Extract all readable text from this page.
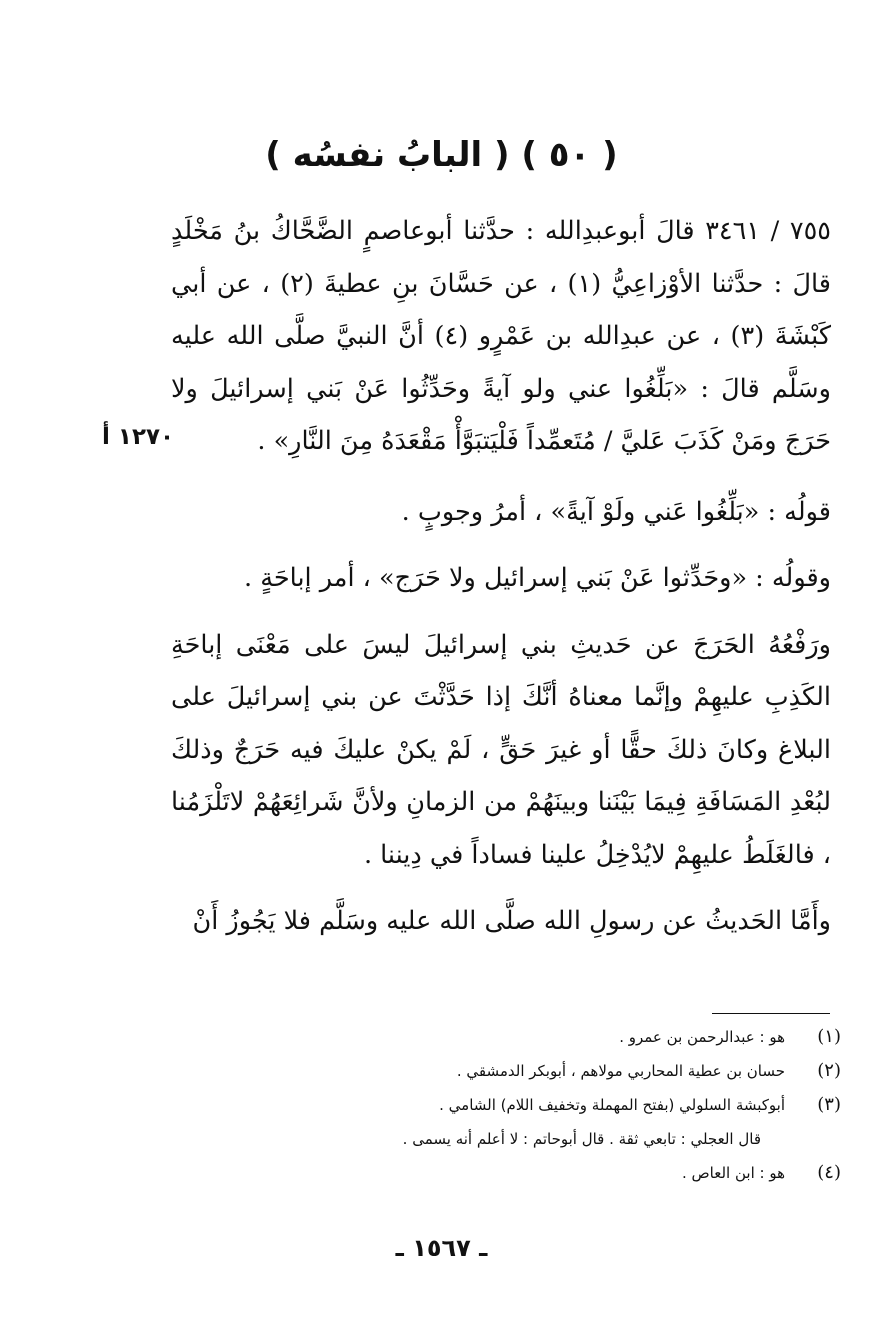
( ٥٠ ) ( البابُ نفسُه )

٧٥٥ / ٣٤٦١ قالَ أبوعبدِالله : حدَّثنا أبوعاصمٍ الضَّحَّاكُ بنُ مَخْلَدٍ قالَ : حدَّثنا الأوْزاعِيُّ (١) ، عن حَسَّانَ بنِ عطيةَ (٢) ، عن أبي كَبْشَةَ (٣) ، عن عبدِالله بن عَمْرٍو (٤) أنَّ النبيَّ صلَّى الله عليه وسَلَّم قالَ : «بَلِّغُوا عني ولو آيةً وحَدِّثُوا عَنْ بَني إسرائيلَ ولا حَرَجَ ومَنْ كَذَبَ عَليَّ / مُتَعمِّداً فَلْيَتبَوَّأْ مَقْعَدَهُ مِنَ النَّارِ» .

قولُه : «بَلِّغُوا عَني ولَوْ آيةً» ، أمرُ وجوبٍ .

وقولُه : «وحَدِّثوا عَنْ بَني إسرائيل ولا حَرَج» ، أمر إباحَةٍ .

ورَفْعُهُ الحَرَجَ عن حَديثِ بني إسرائيلَ ليسَ على مَعْنَى إباحَةِ الكَذِبِ عليهِمْ وإنَّما معناهُ أنَّكَ إذا حَدَّثْتَ عن بني إسرائيلَ على البلاغ وكانَ ذلكَ حقًّا أو غيرَ حَقٍّ ، لَمْ يكنْ عليكَ فيه حَرَجٌ وذلكَ لبُعْدِ المَسَافَةِ فِيمَا بَيْنَنا وبينَهُمْ من الزمانِ ولأنَّ شَرائِعَهُمْ لاتَلْزَمُنا ، فالغَلَطُ عليهِمْ لايُدْخِلُ علينا فساداً في دِيننا .

وأَمَّا الحَديثُ عن رسولِ الله صلَّى الله عليه وسَلَّم فلا يَجُوزُ أَنْ

١٢٧٠ أ
(١)
هو : عبدالرحمن بن عمرو .
(٢)
حسان بن عطية المحاربي مولاهم ، أبوبكر الدمشقي .
(٣)
أبوكبشة السلولي (بفتح المهملة وتخفيف اللام) الشامي .
قال العجلي : تابعي ثقة . قال أبوحاتم : لا أعلم أنه يسمى .
(٤)
هو : ابن العاص .
ـ ١٥٦٧ ـ
